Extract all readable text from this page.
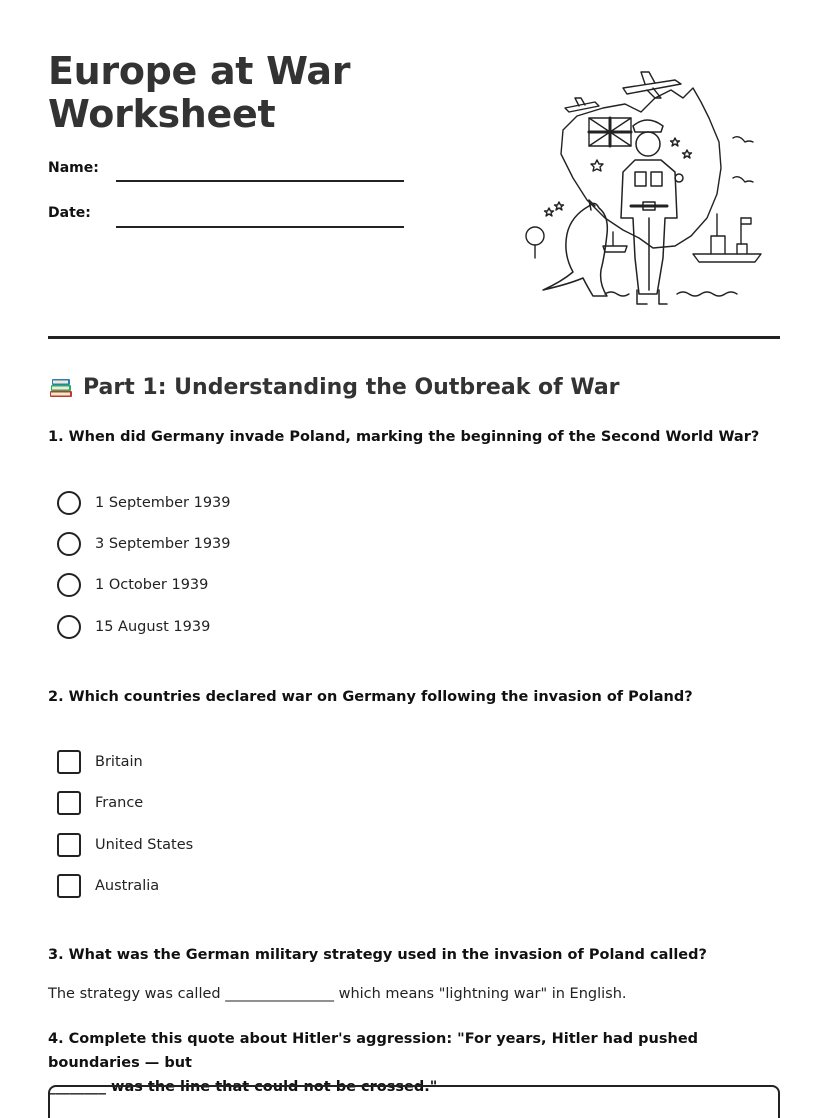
Europe at War
Worksheet
Name:
Date:
Part 1: Understanding the Outbreak of War
1. When did Germany invade Poland, marking the beginning of the Second World War?
1 September 1939
3 September 1939
1 October 1939
15 August 1939
2. Which countries declared war on Germany following the invasion of Poland?
Britain
France
United States
Australia
3. What was the German military strategy used in the invasion of Poland called?
The strategy was called _______________ which means "lightning war" in English.
4. Complete this quote about Hitler's aggression: "For years, Hitler had pushed boundaries — but
________ was the line that could not be crossed."
